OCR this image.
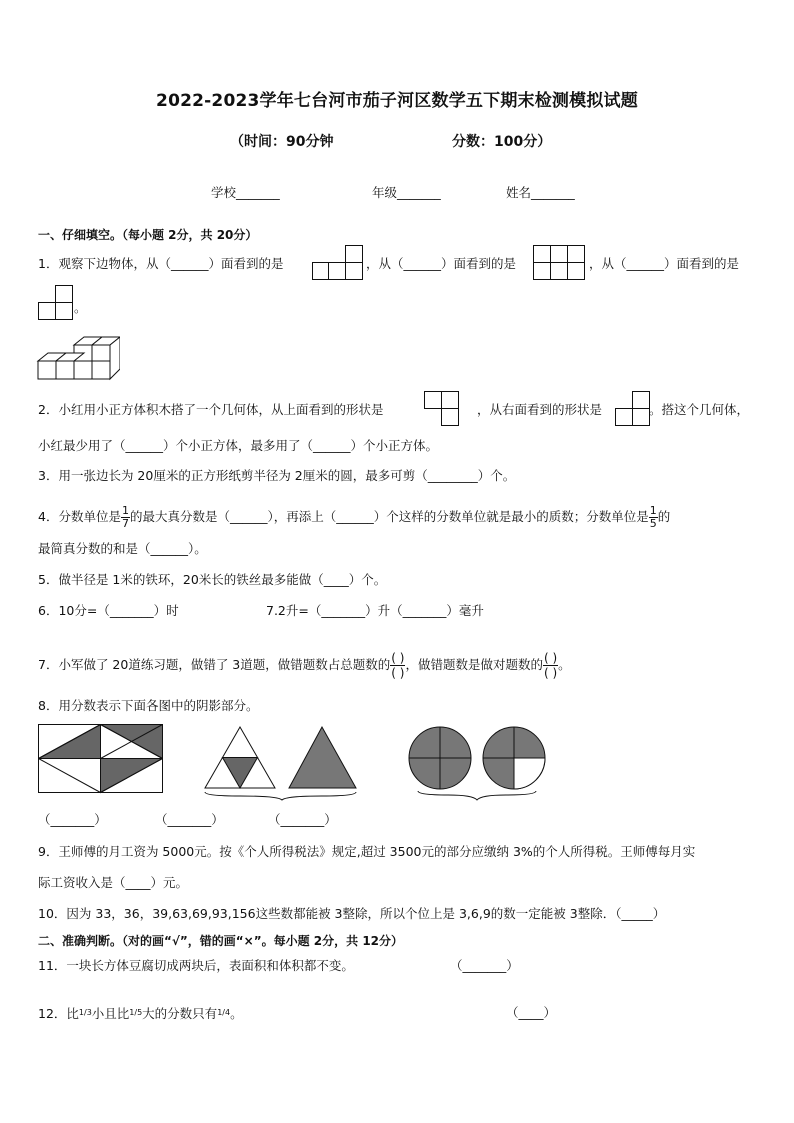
2022-2023学年七台河市茄子河区数学五下期末检测模拟试题
（时间：90分钟	分数：100分）
学校_______	年级_______	姓名_______
一、仔细填空。（每小题 2分，共 20分）
1．观察下边物体，从（______）面看到的是

			，从（______）面看到的是

			，从（______）面看到的是

。
2．小红用小正方体积木搭了一个几何体，从上面看到的形状是

		，从右面看到的形状是

		。搭这个几何体，
小红最少用了（______）个小正方体，最多用了（______）个小正方体。
3．用一张边长为 20厘米的正方形纸剪半径为 2厘米的圆，最多可剪（________）个。
4．分数单位是 $\frac{1}{7}$ 的最大真分数是（______），再添上（______）个这样的分数单位就是最小的质数；分数单位是 $\frac{1}{5}$ 的
最简真分数的和是（______）。
5．做半径是 1米的铁环，20米长的铁丝最多能做（____）个。
6．10分=（_______）时	7.2升=（_______）升（_______）毫升
7．小军做了 20道练习题，做错了 3道题，做错题数占总题数的 $\frac{( )}{( )}$ ，做错题数是做对题数的 $\frac{( )}{( )}$ 。
8．用分数表示下面各图中的阴影部分。
（_______）	（_______）	（_______）
9．王师傅的月工资为 5000元。按《个人所得税法》规定,超过 3500元的部分应缴纳 3%的个人所得税。王师傅每月实
际工资收入是（____）元。
10．因为 33，36，39,63,69,93,156这些数都能被 3整除，所以个位上是 3,6,9的数一定能被 3整除．（_____）
二、准确判断。（对的画“√”，错的画“×”。每小题 2分，共 12分）
11．一块长方体豆腐切成两块后，表面积和体积都不变。	（_______）
12．比$^{1/3}$小且比$^{1/5}$大的分数只有$^{1/4}$。	（____）
